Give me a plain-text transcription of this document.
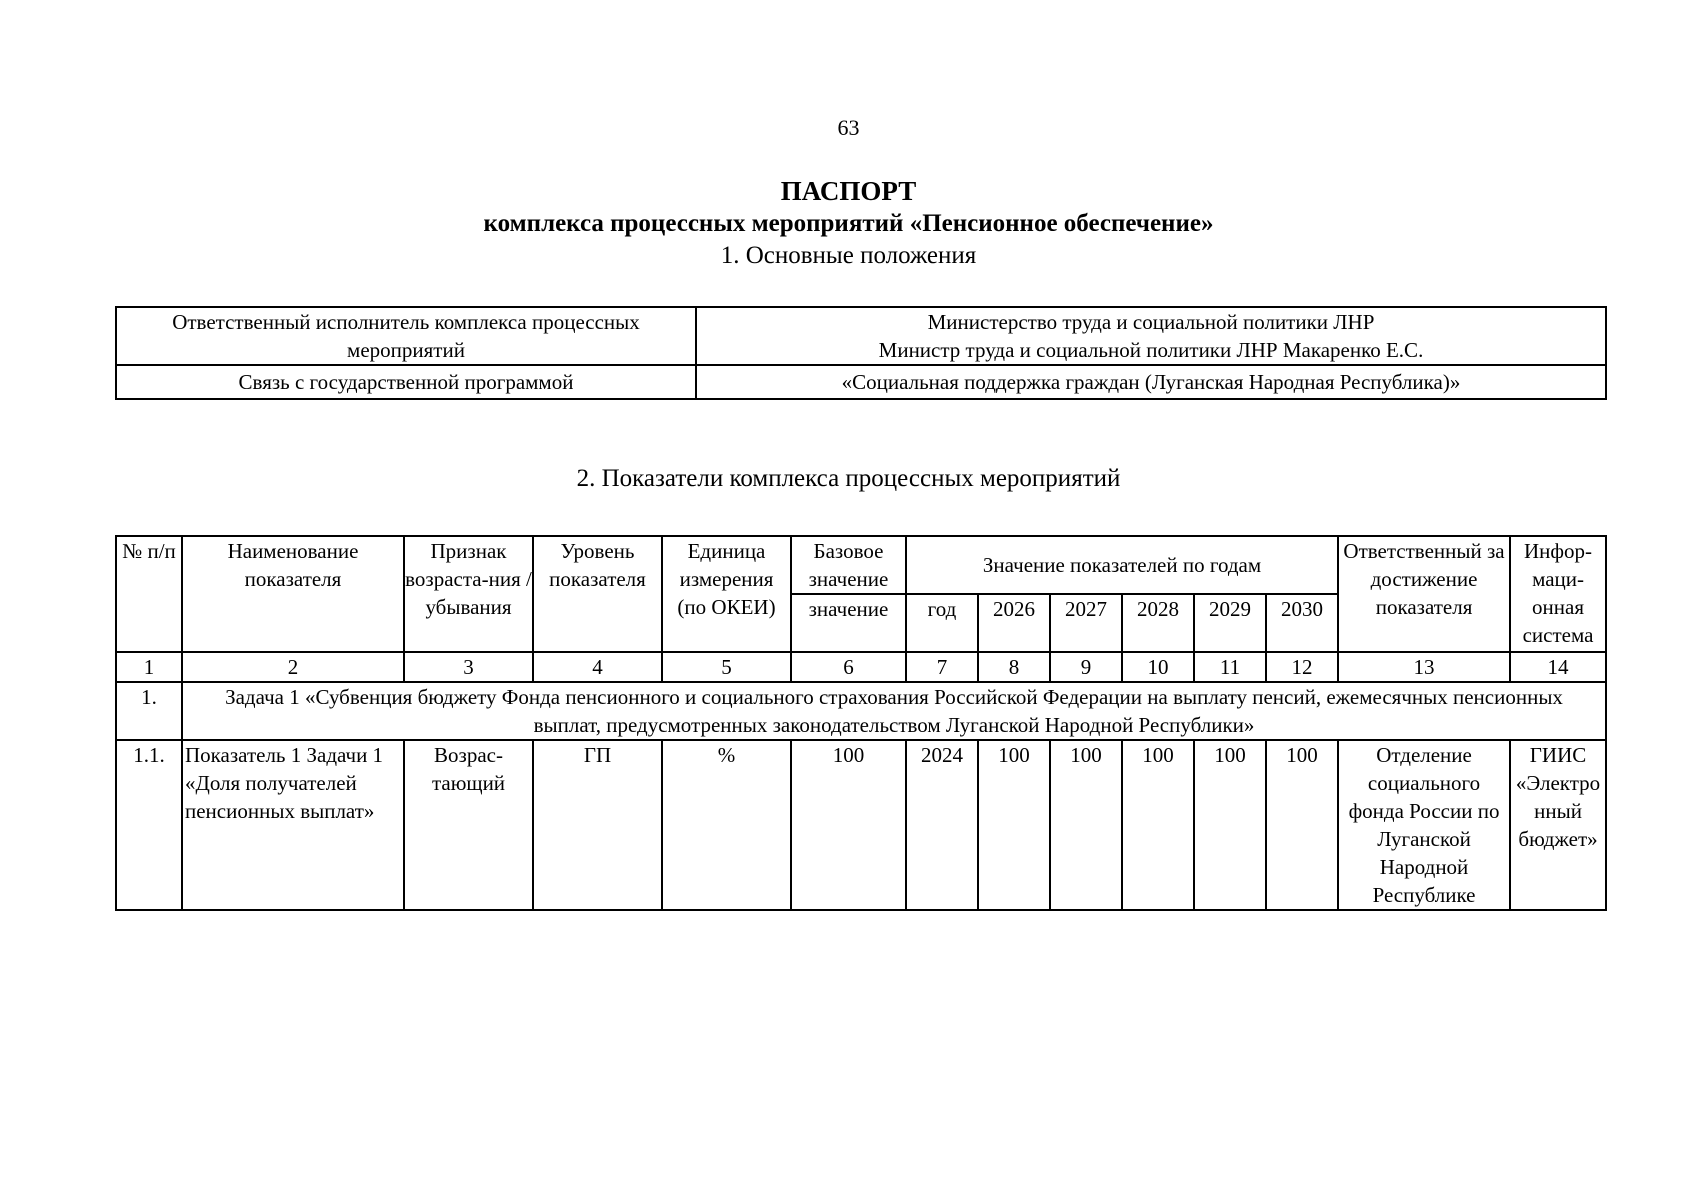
63
ПАСПОРТ
комплекса процессных мероприятий «Пенсионное обеспечение»
1. Основные положения
Ответственный исполнитель комплекса процессных мероприятий	Министерство труда и социальной политики ЛНР
Министр труда и социальной политики ЛНР Макаренко Е.С.

Связь с государственной программой	«Социальная поддержка граждан (Луганская Народная Республика)»
2. Показатели комплекса процессных мероприятий
№ п/п	Наименование показателя	Признак возраста-ния / убывания	Уровень показателя	Единица измерения (по ОКЕИ)	Базовое значение	Значение показателей по годам						Ответственный за достижение показателя	Инфор-маци-онная система
					значение	год	2026	2027	2028	2029	2030		
1	2	3	4	5	6	7	8	9	10	11	12	13	14
1.	Задача 1 «Субвенция бюджету Фонда пенсионного и социального страхования Российской Федерации на выплату пенсий, ежемесячных пенсионных выплат, предусмотренных законодательством Луганской Народной Республики»												
1.1.	Показатель 1 Задачи 1 «Доля получателей пенсионных выплат»	Возрас-тающий	ГП	%	100	2024	100	100	100	100	100	Отделение социального фонда России по Луганской Народной Республике	ГИИС «Электро нный бюджет»
